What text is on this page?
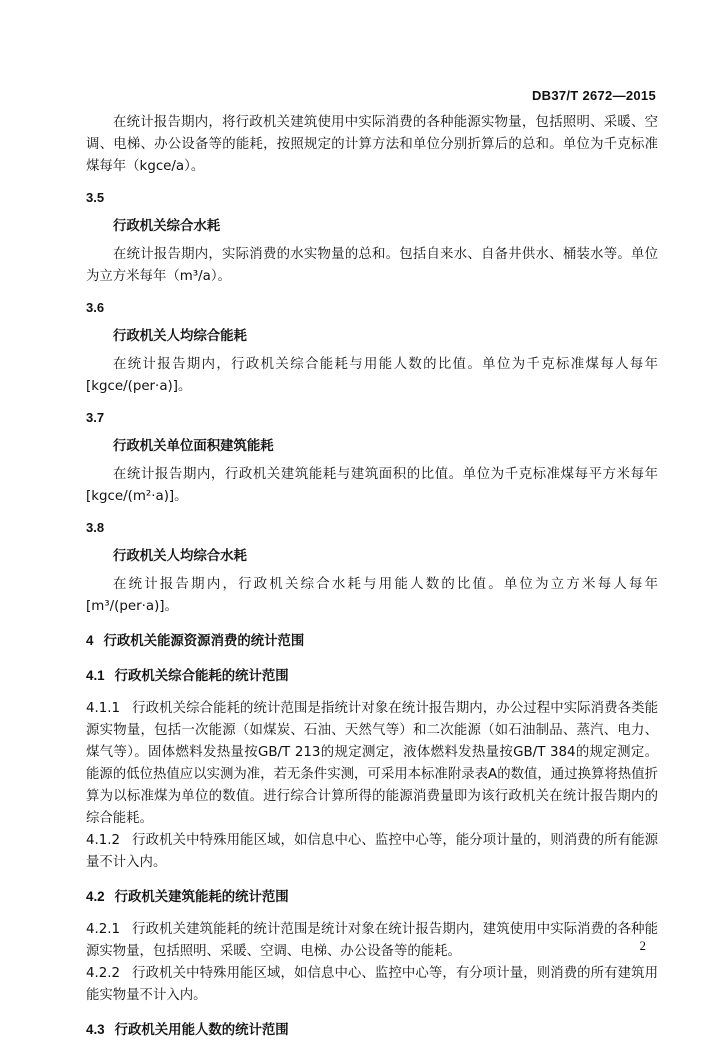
DB37/T 2672—2015

在统计报告期内，将行政机关建筑使用中实际消费的各种能源实物量，包括照明、采暖、空调、电梯、办公设备等的能耗，按照规定的计算方法和单位分别折算后的总和。单位为千克标准煤每年（kgce/a）。

3.5
行政机关综合水耗

在统计报告期内，实际消费的水实物量的总和。包括自来水、自备井供水、桶装水等。单位为立方米每年（m³/a）。

3.6
行政机关人均综合能耗

在统计报告期内，行政机关综合能耗与用能人数的比值。单位为千克标准煤每人每年[kgce/(per·a)]。

3.7
行政机关单位面积建筑能耗

在统计报告期内，行政机关建筑能耗与建筑面积的比值。单位为千克标准煤每平方米每年[kgce/(m²·a)]。

3.8
行政机关人均综合水耗

在统计报告期内，行政机关综合水耗与用能人数的比值。单位为立方米每人每年[m³/(per·a)]。

4 行政机关能源资源消费的统计范围
4.1 行政机关综合能耗的统计范围

4.1.1 行政机关综合能耗的统计范围是指统计对象在统计报告期内，办公过程中实际消费各类能源实物量，包括一次能源（如煤炭、石油、天然气等）和二次能源（如石油制品、蒸汽、电力、煤气等）。固体燃料发热量按GB/T 213的规定测定，液体燃料发热量按GB/T 384的规定测定。能源的低位热值应以实测为准，若无条件实测，可采用本标准附录表A的数值，通过换算将热值折算为以标准煤为单位的数值。进行综合计算所得的能源消费量即为该行政机关在统计报告期内的综合能耗。

4.1.2 行政机关中特殊用能区域，如信息中心、监控中心等，能分项计量的，则消费的所有能源量不计入内。

4.2 行政机关建筑能耗的统计范围

4.2.1 行政机关建筑能耗的统计范围是统计对象在统计报告期内，建筑使用中实际消费的各种能源实物量，包括照明、采暖、空调、电梯、办公设备等的能耗。

4.2.2 行政机关中特殊用能区域，如信息中心、监控中心等，有分项计量，则消费的所有建筑用能实物量不计入内。

4.3 行政机关用能人数的统计范围
2
